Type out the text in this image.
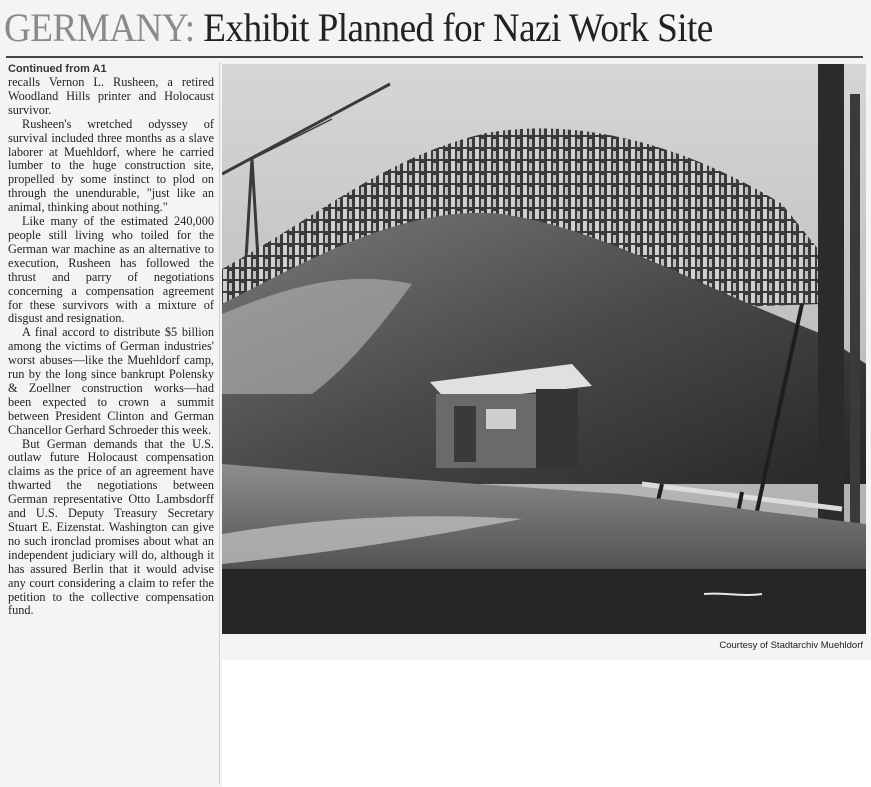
GERMANY: Exhibit Planned for Nazi Work Site
Continued from A1

recalls Vernon L. Rusheen, a retired Woodland Hills printer and Holocaust survivor.

Rusheen's wretched odyssey of survival included three months as a slave laborer at Muehldorf, where he carried lumber to the huge construction site, propelled by some instinct to plod on through the unendurable, "just like an animal, thinking about nothing."

Like many of the estimated 240,000 people still living who toiled for the German war machine as an alternative to execution, Rusheen has followed the thrust and parry of negotiations concerning a compensation agreement for these survivors with a mixture of disgust and resignation.

A final accord to distribute $5 billion among the victims of German industries' worst abuses—like the Muehldorf camp, run by the long since bankrupt Polensky & Zoellner construction works—had been expected to crown a summit between President Clinton and German Chancellor Gerhard Schroeder this week.

But German demands that the U.S. outlaw future Holocaust compensation claims as the price of an agreement have thwarted the negotiations between German representative Otto Lambsdorff and U.S. Deputy Treasury Secretary Stuart E. Eizenstat. Washington can give no such ironclad promises about what an independent judiciary will do, although it has assured Berlin that it would advise any court considering a claim to refer the petition to the collective compensation fund.

Courtesy of Stadtarchiv Muehldorf
